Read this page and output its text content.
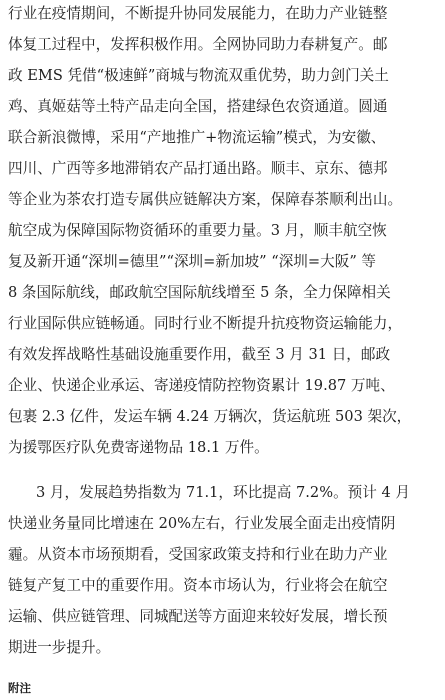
行业在疫情期间，不断提升协同发展能力，在助力产业链整
体复工过程中，发挥积极作用。全网协同助力春耕复产。邮
政 EMS 凭借“极速鲜”商城与物流双重优势，助力剑门关土
鸡、真姬菇等土特产品走向全国，搭建绿色农资通道。圆通
联合新浪微博，采用“产地推广+物流运输”模式，为安徽、
四川、广西等多地滞销农产品打通出路。顺丰、京东、德邦
等企业为茶农打造专属供应链解决方案，保障春茶顺利出山。
航空成为保障国际物资循环的重要力量。3 月，顺丰航空恢
复及新开通“深圳=德里”“深圳=新加坡” “深圳=大阪” 等
8 条国际航线，邮政航空国际航线增至 5 条，全力保障相关
行业国际供应链畅通。同时行业不断提升抗疫物资运输能力，
有效发挥战略性基础设施重要作用，截至 3 月 31 日，邮政
企业、快递企业承运、寄递疫情防控物资累计 19.87 万吨、
包裹 2.3 亿件，发运车辆 4.24 万辆次，货运航班 503 架次，
为援鄂医疗队免费寄递物品 18.1 万件。
3 月，发展趋势指数为 71.1，环比提高 7.2%。预计 4 月
快递业务量同比增速在 20%左右，行业发展全面走出疫情阴
霾。从资本市场预期看，受国家政策支持和行业在助力产业
链复产复工中的重要作用。资本市场认为，行业将会在航空
运输、供应链管理、同城配送等方面迎来较好发展，增长预
期进一步提升。
附注
